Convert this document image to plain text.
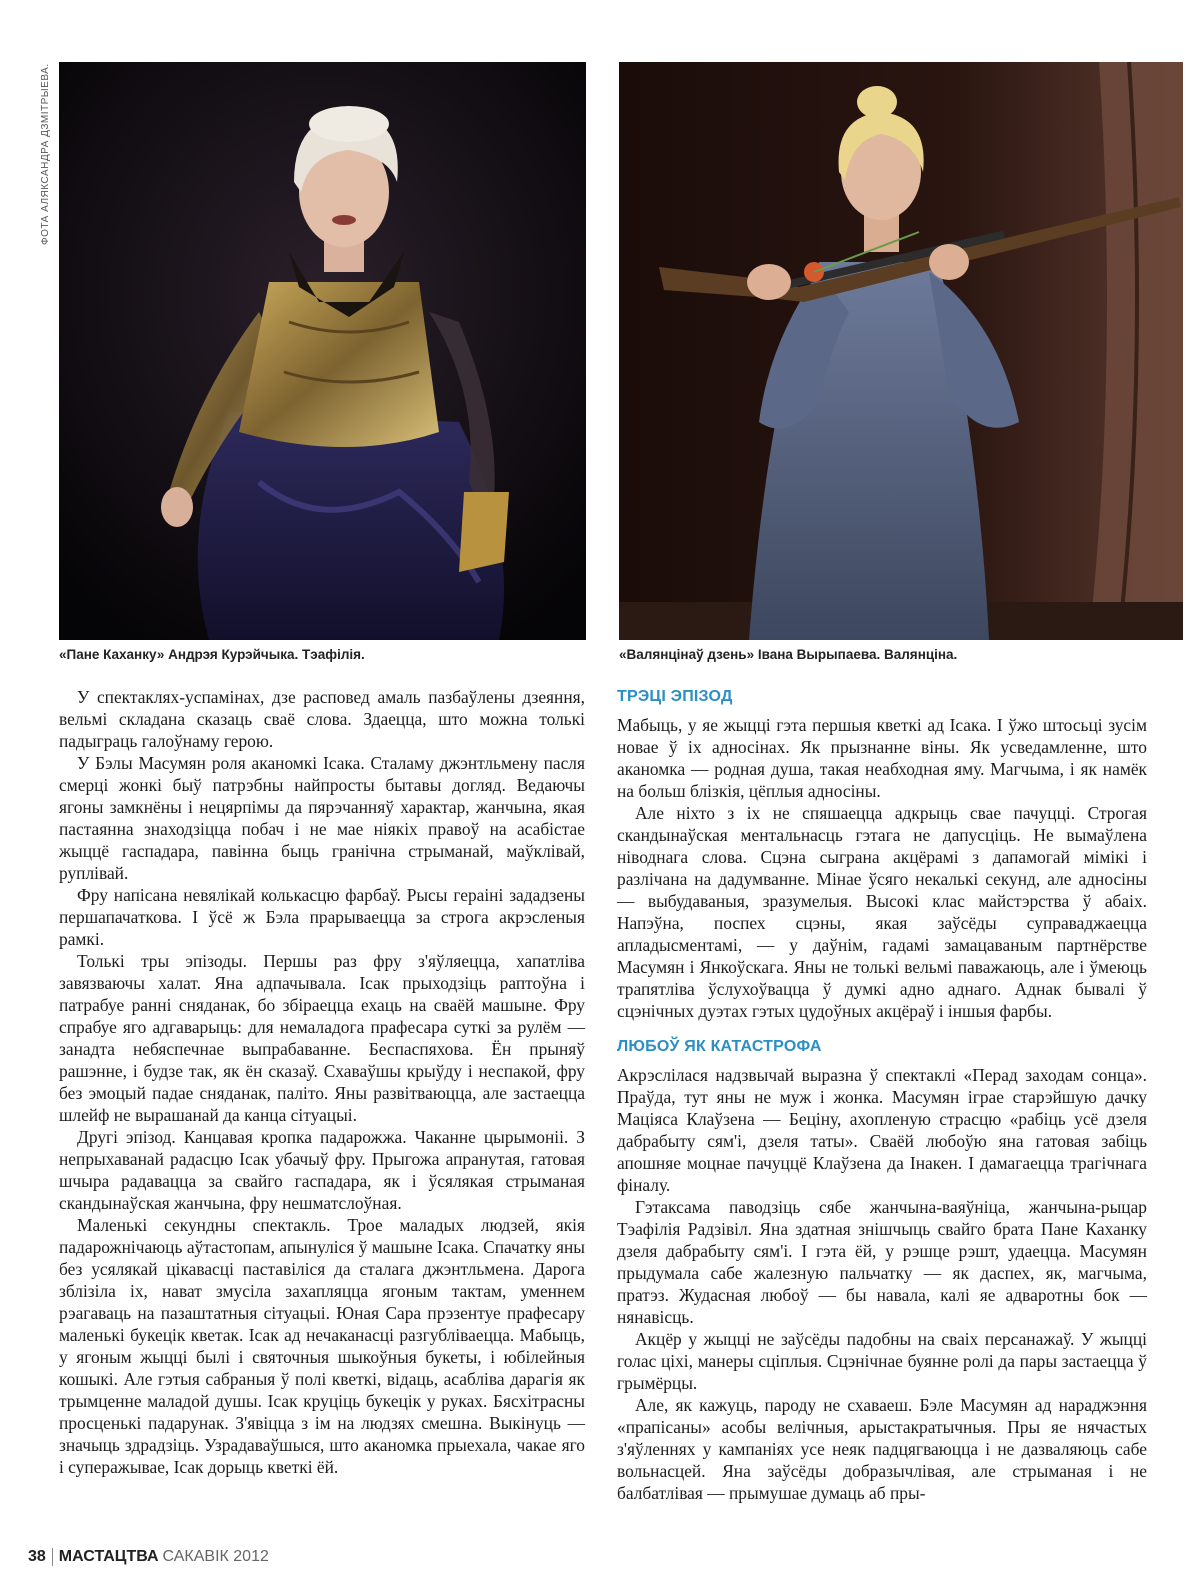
ФОТА АЛЯКСАНДРА ДЗМІТРЫЕВА.
«Пане Каханку» Андрэя Курэйчыка. Тэафілія.	«Валянцінаў дзень» Івана Вырыпаева. Валянціна.

У спектаклях-успамінах, дзе расповед амаль пазбаўлены дзеяння, вельмі складана сказаць сваё слова. Здаецца, што можна толькі падыграць галоўнаму герою.

У Бэлы Масумян роля аканомкі Ісака. Сталаму джэнтльмену пасля смерці жонкі быў патрэбны найпросты бытавы догляд. Ведаючы ягоны замкнёны і нецярпімы да пярэчанняў характар, жанчына, якая пастаянна знаходзіцца побач і не мае ніякіх правоў на асабістае жыццё гаспадара, павінна быць гранічна стрыманай, маўклівай, руплівай.

Фру напісана невялікай колькасцю фарбаў. Рысы гераіні зададзены першапачаткова. І ўсё ж Бэла прарываецца за строга акрэсленыя рамкі.

Толькі тры эпізоды. Першы раз фру з'яўляецца, хапатліва завязваючы халат. Яна адпачывала. Ісак прыходзіць раптоўна і патрабуе ранні сняданак, бо збіраецца ехаць на сваёй машыне. Фру спрабуе яго адгаварыць: для немаладога прафесара суткі за рулём — занадта небяспечнае выпрабаванне. Беспаспяхова. Ён прыняў рашэнне, і будзе так, як ён сказаў. Схаваўшы крыўду і неспакой, фру без эмоцый падае сняданак, паліто. Яны развітваюцца, але застаецца шлейф не вырашанай да канца сітуацыі.

Другі эпізод. Канцавая кропка падарожжа. Чаканне цырымоніі. З непрыхаванай радасцю Ісак убачыў фру. Прыгожа апранутая, гатовая шчыра радавацца за свайго гаспадара, як і ўсялякая стрыманая скандынаўская жанчына, фру нешматслоўная.

Маленькі секундны спектакль. Трое маладых людзей, якія падарожнічаюць аўтастопам, апынуліся ў машыне Ісака. Спачатку яны без усялякай цікавасці паставіліся да сталага джэнтльмена. Дарога зблізіла іх, нават змусіла захапляцца ягоным тактам, уменнем рэагаваць на пазаштатныя сітуацыі. Юная Сара прэзентуе прафесару маленькі букецік кветак. Ісак ад нечаканасці разгубліваецца. Мабыць, у ягоным жыцці былі і святочныя шыкоўныя букеты, і юбілейныя кошыкі. Але гэтыя сабраныя ў полі кветкі, відаць, асабліва дарагія як трымценне маладой душы. Ісак круціць букецік у руках. Бясхітрасны просценькі падарунак. З'явіцца з ім на людзях смешна. Выкінуць — значыць здрадзіць. Узрадаваўшыся, што аканомка прыехала, чакае яго і суперажывае, Ісак дорыць кветкі ёй.

ТРЭЦІ ЭПІЗОД

Мабыць, у яе жыцці гэта першыя кветкі ад Ісака. І ўжо штосьці зусім новае ў іх адносінах. Як прызнанне віны. Як усведамленне, што аканомка — родная душа, такая неабходная яму. Магчыма, і як намёк на больш блізкія, цёплыя адносіны.

Але ніхто з іх не спяшаецца адкрыць свае пачуцці. Строгая скандынаўская ментальнасць гэтага не дапусціць. Не вымаўлена ніводнага слова. Сцэна сыграна акцёрамі з дапамогай мімікі і разлічана на дадумванне. Мінае ўсяго некалькі секунд, але адносіны — выбудаваныя, зразумелыя. Высокі клас майстэрства ў абаіх. Напэўна, поспех сцэны, якая заўсёды суправаджаецца апладысментамі, — у даўнім, гадамі замацаваным партнёрстве Масумян і Янкоўскага. Яны не толькі вельмі паважаюць, але і ўмеюць трапятліва ўслухоўвацца ў думкі адно аднаго. Аднак бывалі ў сцэнічных дуэтах гэтых цудоўных акцёраў і іншыя фарбы.

ЛЮБОЎ ЯК КАТАСТРОФА

Акрэслілася надзвычай выразна ў спектаклі «Перад заходам сонца». Праўда, тут яны не муж і жонка. Масумян іграе старэйшую дачку Маціяса Клаўзена — Беціну, ахопленую страсцю «рабіць усё дзеля дабрабыту сям'і, дзеля таты». Сваёй любоўю яна гатовая забіць апошняе моцнае пачуццё Клаўзена да Інакен. І дамагаецца трагічнага фіналу.

Гэтаксама паводзіць сябе жанчына-ваяўніца, жанчына-рыцар Тэафілія Радзівіл. Яна здатная знішчыць свайго брата Пане Каханку дзеля дабрабыту сям'і. І гэта ёй, у рэшце рэшт, удаецца. Масумян прыдумала сабе жалезную пальчатку — як даспех, як, магчыма, пратэз. Жудасная любоў — бы навала, калі яе адваротны бок — нянавісць.

Акцёр у жыцці не заўсёды падобны на сваіх персанажаў. У жыцці голас ціхі, манеры сціплыя. Сцэнічнае буянне ролі да пары застаецца ў грымёрцы.

Але, як кажуць, пароду не схаваеш. Бэле Масумян ад нараджэння «прапісаны» асобы велічныя, арыстакратычныя. Пры яе нячастых з'яўленнях у кампаніях усе неяк падцягваюцца і не дазваляюць сабе вольнасцей. Яна заўсёды добразычлівая, але стрыманая і не балбатлівая — прымушае думаць аб пры-

38 МАСТАЦТВА САКАВІК 2012
